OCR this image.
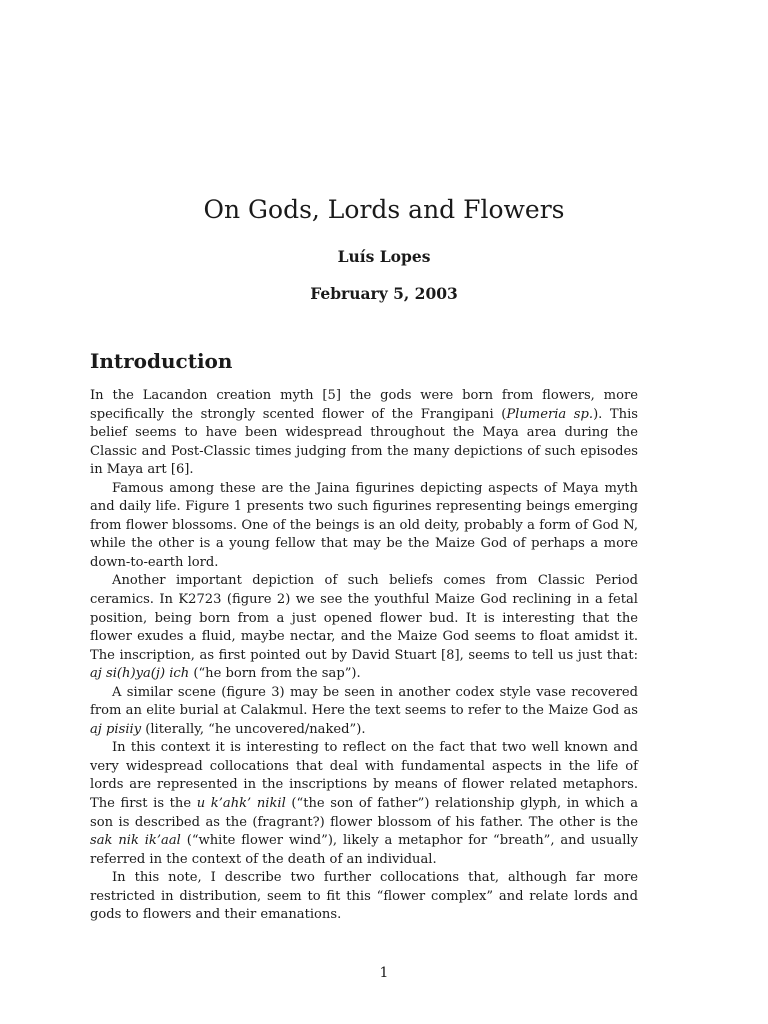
On Gods, Lords and Flowers
Luís Lopes
February 5, 2003
Introduction

In the Lacandon creation myth [5] the gods were born from flowers, more specifically the strongly scented flower of the Frangipani (Plumeria sp.). This belief seems to have been widespread throughout the Maya area during the Classic and Post-Classic times judging from the many depictions of such episodes in Maya art [6].

Famous among these are the Jaina figurines depicting aspects of Maya myth and daily life. Figure 1 presents two such figurines representing beings emerging from flower blossoms. One of the beings is an old deity, probably a form of God N, while the other is a young fellow that may be the Maize God of perhaps a more down-to-earth lord.

Another important depiction of such beliefs comes from Classic Period ceramics. In K2723 (figure 2) we see the youthful Maize God reclining in a fetal position, being born from a just opened flower bud. It is interesting that the flower exudes a fluid, maybe nectar, and the Maize God seems to float amidst it. The inscription, as first pointed out by David Stuart [8], seems to tell us just that: aj si(h)ya(j) ich (“he born from the sap”).

A similar scene (figure 3) may be seen in another codex style vase recovered from an elite burial at Calakmul. Here the text seems to refer to the Maize God as aj pisiiy (literally, “he uncovered/naked”).

In this context it is interesting to reflect on the fact that two well known and very widespread collocations that deal with fundamental aspects in the life of lords are represented in the inscriptions by means of flower related metaphors. The first is the u k’ahk’ nikil (“the son of father”) relationship glyph, in which a son is described as the (fragrant?) flower blossom of his father. The other is the sak nik ik’aal (“white flower wind”), likely a metaphor for “breath”, and usually referred in the context of the death of an individual.

In this note, I describe two further collocations that, although far more restricted in distribution, seem to fit this “flower complex” and relate lords and gods to flowers and their emanations.

1
